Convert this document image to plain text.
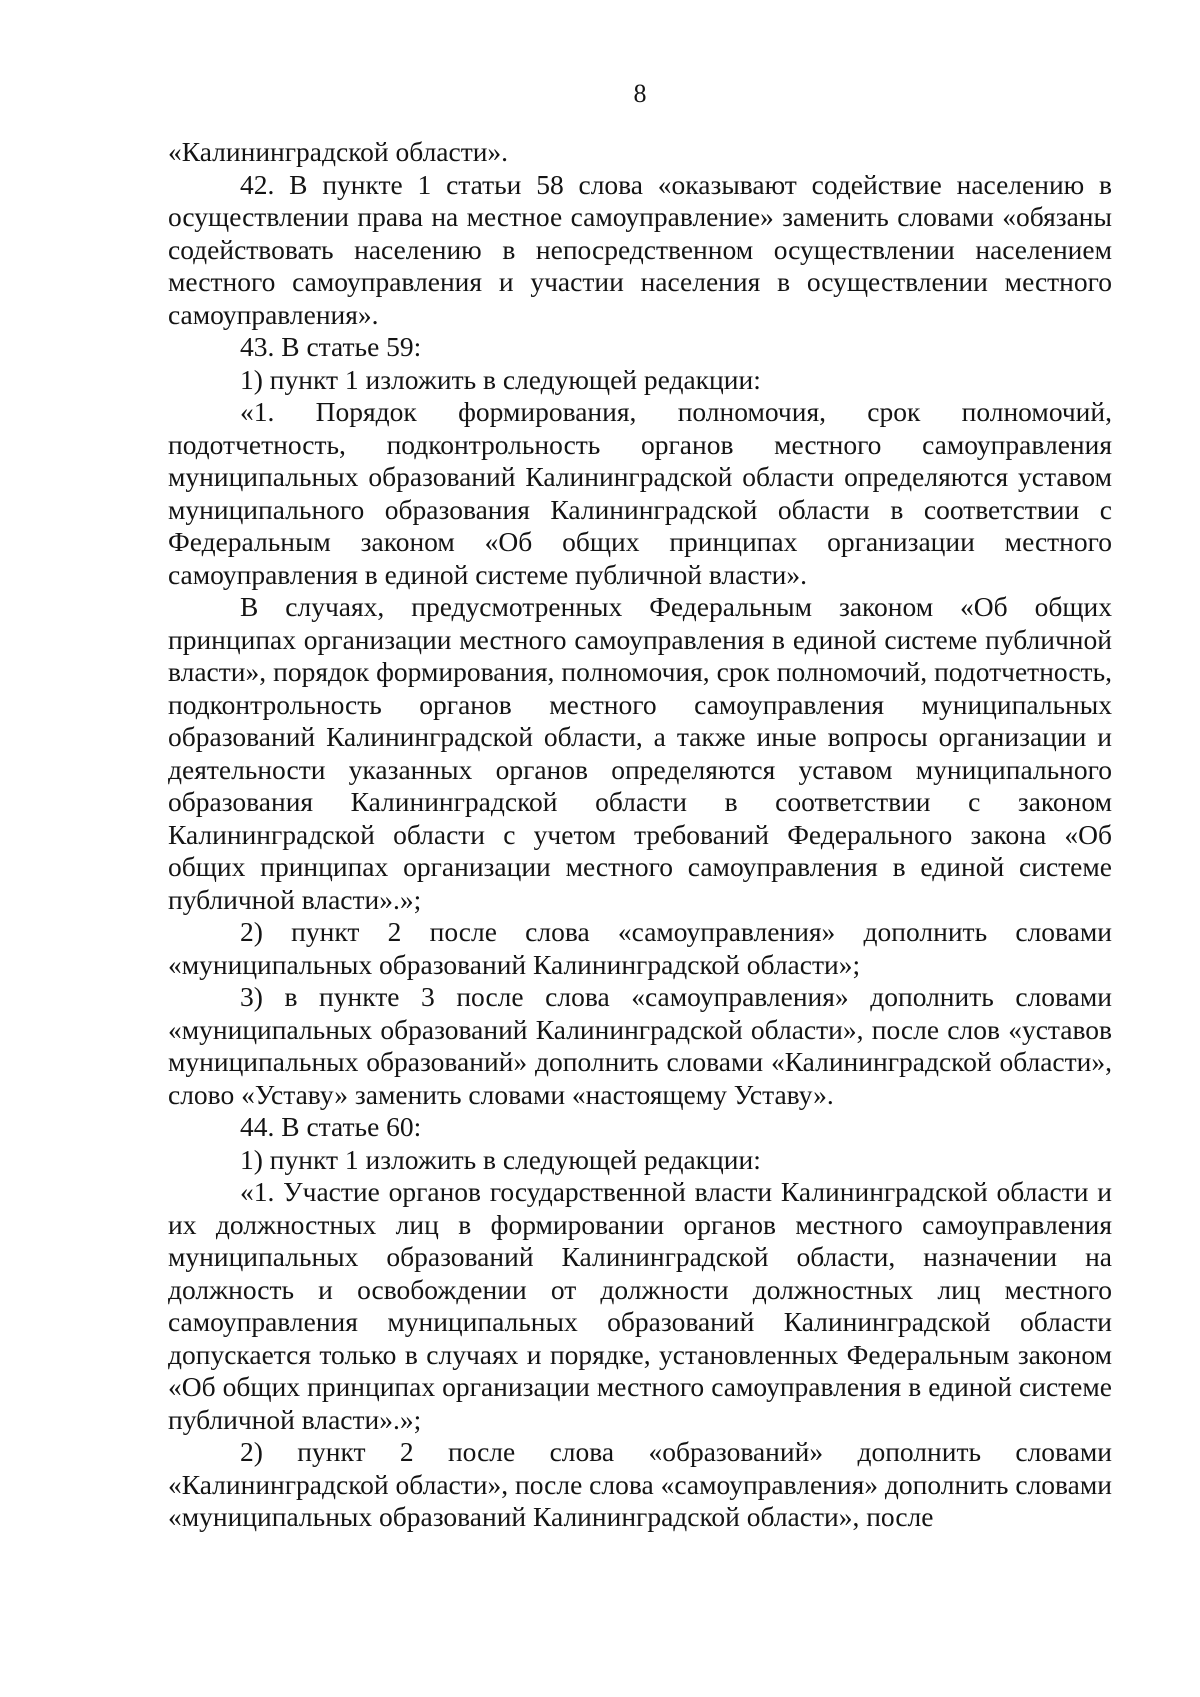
8

«Калининградской области».

42. В пункте 1 статьи 58 слова «оказывают содействие населению в осуществлении права на местное самоуправление» заменить словами «обязаны содействовать населению в непосредственном осуществлении населением местного самоуправления и участии населения в осуществлении местного самоуправления».

43. В статье 59:

1) пункт 1 изложить в следующей редакции:

«1. Порядок формирования, полномочия, срок полномочий, подотчетность, подконтрольность органов местного самоуправления муниципальных образований Калининградской области определяются уставом муниципального образования Калининградской области в соответствии с Федеральным законом «Об общих принципах организации местного самоуправления в единой системе публичной власти».

В случаях, предусмотренных Федеральным законом «Об общих принципах организации местного самоуправления в единой системе публичной власти», порядок формирования, полномочия, срок полномочий, подотчетность, подконтрольность органов местного самоуправления муниципальных образований Калининградской области, а также иные вопросы организации и деятельности указанных органов определяются уставом муниципального образования Калининградской области в соответствии с законом Калининградской области с учетом требований Федерального закона «Об общих принципах организации местного самоуправления в единой системе публичной власти».»;

2) пункт 2 после слова «самоуправления» дополнить словами «муниципальных образований Калининградской области»;

3) в пункте 3 после слова «самоуправления» дополнить словами «муниципальных образований Калининградской области», после слов «уставов муниципальных образований» дополнить словами «Калининградской области», слово «Уставу» заменить словами «настоящему Уставу».

44. В статье 60:

1) пункт 1 изложить в следующей редакции:

«1. Участие органов государственной власти Калининградской области и их должностных лиц в формировании органов местного самоуправления муниципальных образований Калининградской области, назначении на должность и освобождении от должности должностных лиц местного самоуправления муниципальных образований Калининградской области допускается только в случаях и порядке, установленных Федеральным законом «Об общих принципах организации местного самоуправления в единой системе публичной власти».»;

2) пункт 2 после слова «образований» дополнить словами «Калининградской области», после слова «самоуправления» дополнить словами «муниципальных образований Калининградской области», после
